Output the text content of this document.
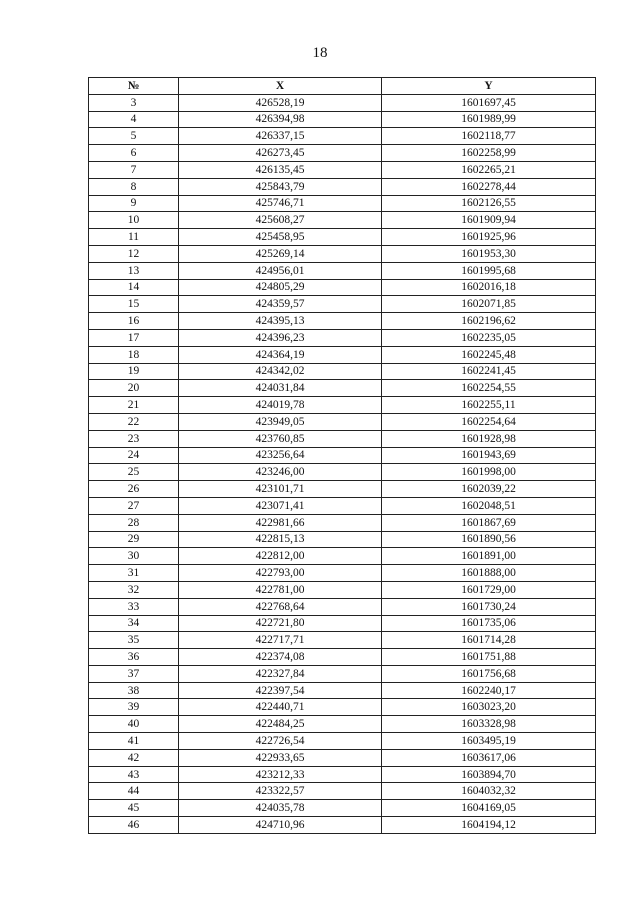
18
№	X	Y
3	426528,19	1601697,45
4	426394,98	1601989,99
5	426337,15	1602118,77
6	426273,45	1602258,99
7	426135,45	1602265,21
8	425843,79	1602278,44
9	425746,71	1602126,55
10	425608,27	1601909,94
11	425458,95	1601925,96
12	425269,14	1601953,30
13	424956,01	1601995,68
14	424805,29	1602016,18
15	424359,57	1602071,85
16	424395,13	1602196,62
17	424396,23	1602235,05
18	424364,19	1602245,48
19	424342,02	1602241,45
20	424031,84	1602254,55
21	424019,78	1602255,11
22	423949,05	1602254,64
23	423760,85	1601928,98
24	423256,64	1601943,69
25	423246,00	1601998,00
26	423101,71	1602039,22
27	423071,41	1602048,51
28	422981,66	1601867,69
29	422815,13	1601890,56
30	422812,00	1601891,00
31	422793,00	1601888,00
32	422781,00	1601729,00
33	422768,64	1601730,24
34	422721,80	1601735,06
35	422717,71	1601714,28
36	422374,08	1601751,88
37	422327,84	1601756,68
38	422397,54	1602240,17
39	422440,71	1603023,20
40	422484,25	1603328,98
41	422726,54	1603495,19
42	422933,65	1603617,06
43	423212,33	1603894,70
44	423322,57	1604032,32
45	424035,78	1604169,05
46	424710,96	1604194,12
